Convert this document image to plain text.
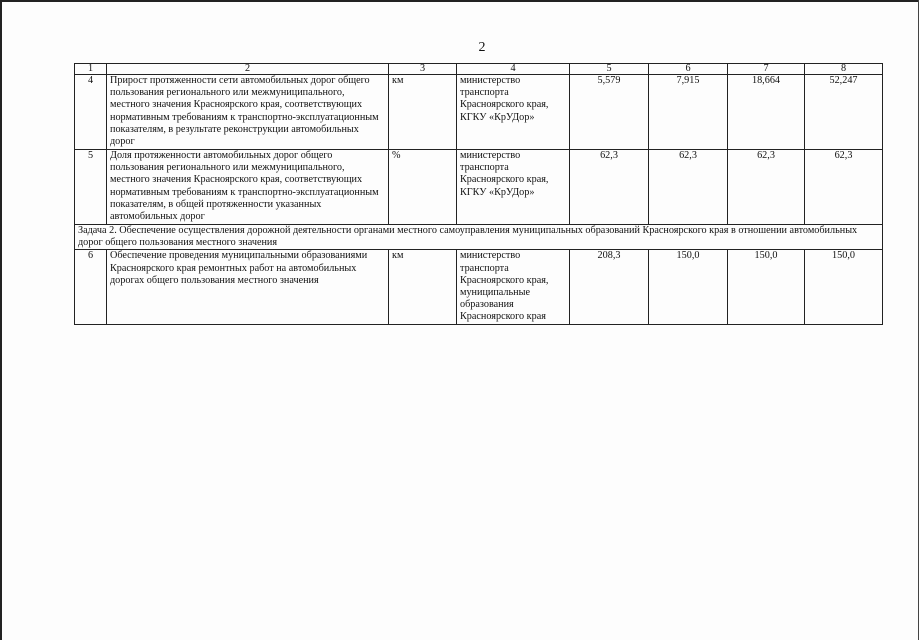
2
1	2	3	4	5	6	7	8
4	Прирост протяженности сети автомобильных дорог общего пользования регионального или межмуниципального, местного значения Красноярского края, соответствующих нормативным требованиям к транспортно-эксплуатационным показателям, в результате реконструкции автомобильных дорог	км	министерство транспорта Красноярского края, КГКУ «КрУДор»	5,579	7,915	18,664	52,247
5	Доля протяженности автомобильных дорог общего пользования регионального или межмуниципального, местного значения Красноярского края, соответствующих нормативным требованиям к транспортно-эксплуатационным показателям, в общей протяженности указанных автомобильных дорог	%	министерство транспорта Красноярского края, КГКУ «КрУДор»	62,3	62,3	62,3	62,3
Задача 2. Обеспечение осуществления дорожной деятельности органами местного самоуправления муниципальных образований Красноярского края в отношении автомобильных дорог общего пользования местного значения							
6	Обеспечение проведения муниципальными образованиями Красноярского края ремонтных работ на автомобильных дорогах общего пользования местного значения	км	министерство транспорта Красноярского края, муниципальные образования Красноярского края	208,3	150,0	150,0	150,0
